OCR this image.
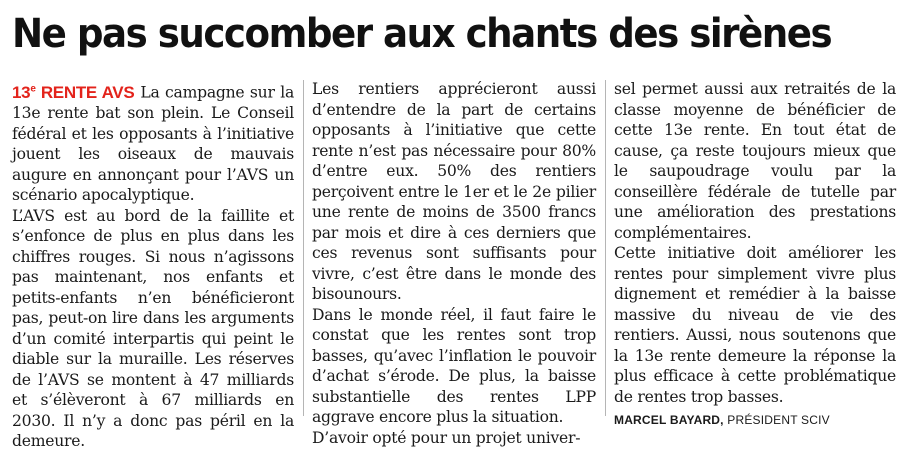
Ne pas succomber aux chants des sirènes

13e RENTE AVS La campagne sur la 13e rente bat son plein. Le Conseil fédéral et les opposants à l’initiative jouent les oiseaux de mauvais augure en annonçant pour l’AVS un scénario apocalyptique.

L’AVS est au bord de la faillite et s’enfonce de plus en plus dans les chiffres rouges. Si nous n’agissons pas maintenant, nos enfants et petits-enfants n’en bénéficieront pas, peut-on lire dans les arguments d’un comité interpartis qui peint le diable sur la muraille. Les réserves de l’AVS se montent à 47 milliards et s’élèveront à 67 milliards en 2030. Il n’y a donc pas péril en la demeure.

Les rentiers apprécieront aussi d’entendre de la part de certains opposants à l’initiative que cette rente n’est pas nécessaire pour 80% d’entre eux. 50% des rentiers perçoivent entre le 1er et le 2e pilier une rente de moins de 3500 francs par mois et dire à ces derniers que ces revenus sont suffisants pour vivre, c’est être dans le monde des bisounours.

Dans le monde réel, il faut faire le constat que les rentes sont trop basses, qu’avec l’inflation le pouvoir d’achat s’érode. De plus, la baisse substantielle des rentes LPP aggrave encore plus la situation.

D’avoir opté pour un projet univer-

sel permet aussi aux retraités de la classe moyenne de bénéficier de cette 13e rente. En tout état de cause, ça reste toujours mieux que le saupoudrage voulu par la conseillère fédérale de tutelle par une amélioration des prestations complémentaires.

Cette initiative doit améliorer les rentes pour simplement vivre plus dignement et remédier à la baisse massive du niveau de vie des rentiers. Aussi, nous soutenons que la 13e rente demeure la réponse la plus efficace à cette problématique de rentes trop basses.

MARCEL BAYARD, PRÉSIDENT SCIV
